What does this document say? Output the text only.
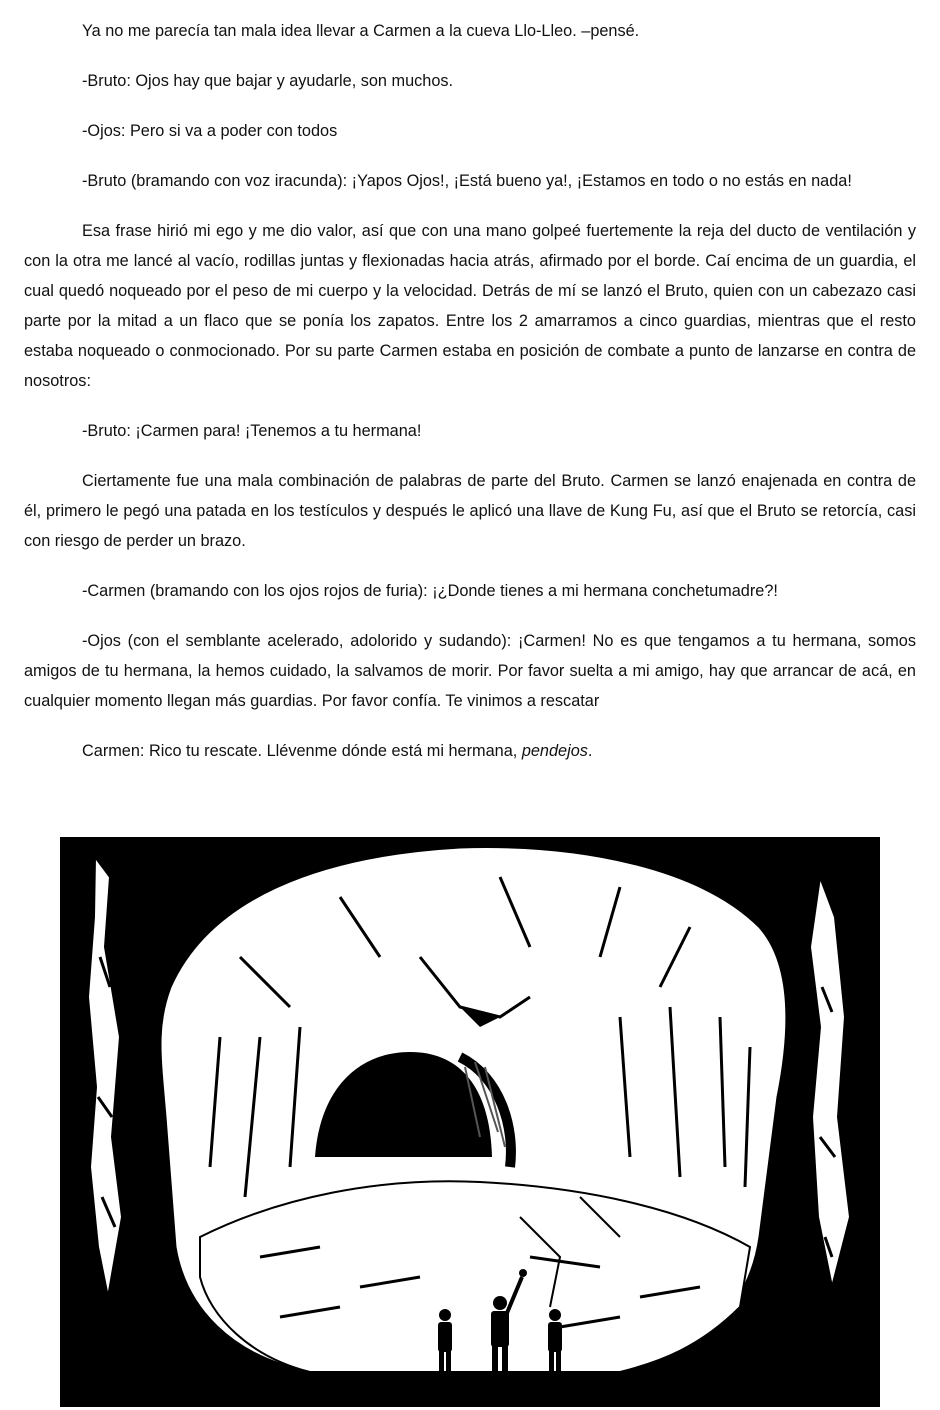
Ya no me parecía tan mala idea llevar a Carmen a la cueva Llo-Lleo. –pensé.

-Bruto: Ojos hay que bajar y ayudarle, son muchos.

-Ojos: Pero si va a poder con todos

-Bruto (bramando con voz iracunda): ¡Yapos Ojos!, ¡Está bueno ya!, ¡Estamos en todo o no estás en nada!

Esa frase hirió mi ego y me dio valor, así que con una mano golpeé fuertemente la reja del ducto de ventilación y con la otra me lancé al vacío, rodillas juntas y flexionadas hacia atrás, afirmado por el borde. Caí encima de un guardia, el cual quedó noqueado por el peso de mi cuerpo y la velocidad. Detrás de mí se lanzó el Bruto, quien con un cabezazo casi parte por la mitad a un flaco que se ponía los zapatos. Entre los 2 amarramos a cinco guardias, mientras que el resto estaba noqueado o conmocionado. Por su parte Carmen estaba en posición de combate a punto de lanzarse en contra de nosotros:

-Bruto: ¡Carmen para! ¡Tenemos a tu hermana!

Ciertamente fue una mala combinación de palabras de parte del Bruto. Carmen se lanzó enajenada en contra de él, primero le pegó una patada en los testículos y después le aplicó una llave de Kung Fu, así que el Bruto se retorcía, casi con riesgo de perder un brazo.

-Carmen (bramando con los ojos rojos de furia): ¡¿Donde tienes a mi hermana conchetumadre?!

-Ojos (con el semblante acelerado, adolorido y sudando): ¡Carmen! No es que tengamos a tu hermana, somos amigos de tu hermana, la hemos cuidado, la salvamos de morir. Por favor suelta a mi amigo, hay que arrancar de acá, en cualquier momento llegan más guardias. Por favor confía. Te vinimos a rescatar

Carmen: Rico tu rescate. Llévenme dónde está mi hermana, pendejos.
